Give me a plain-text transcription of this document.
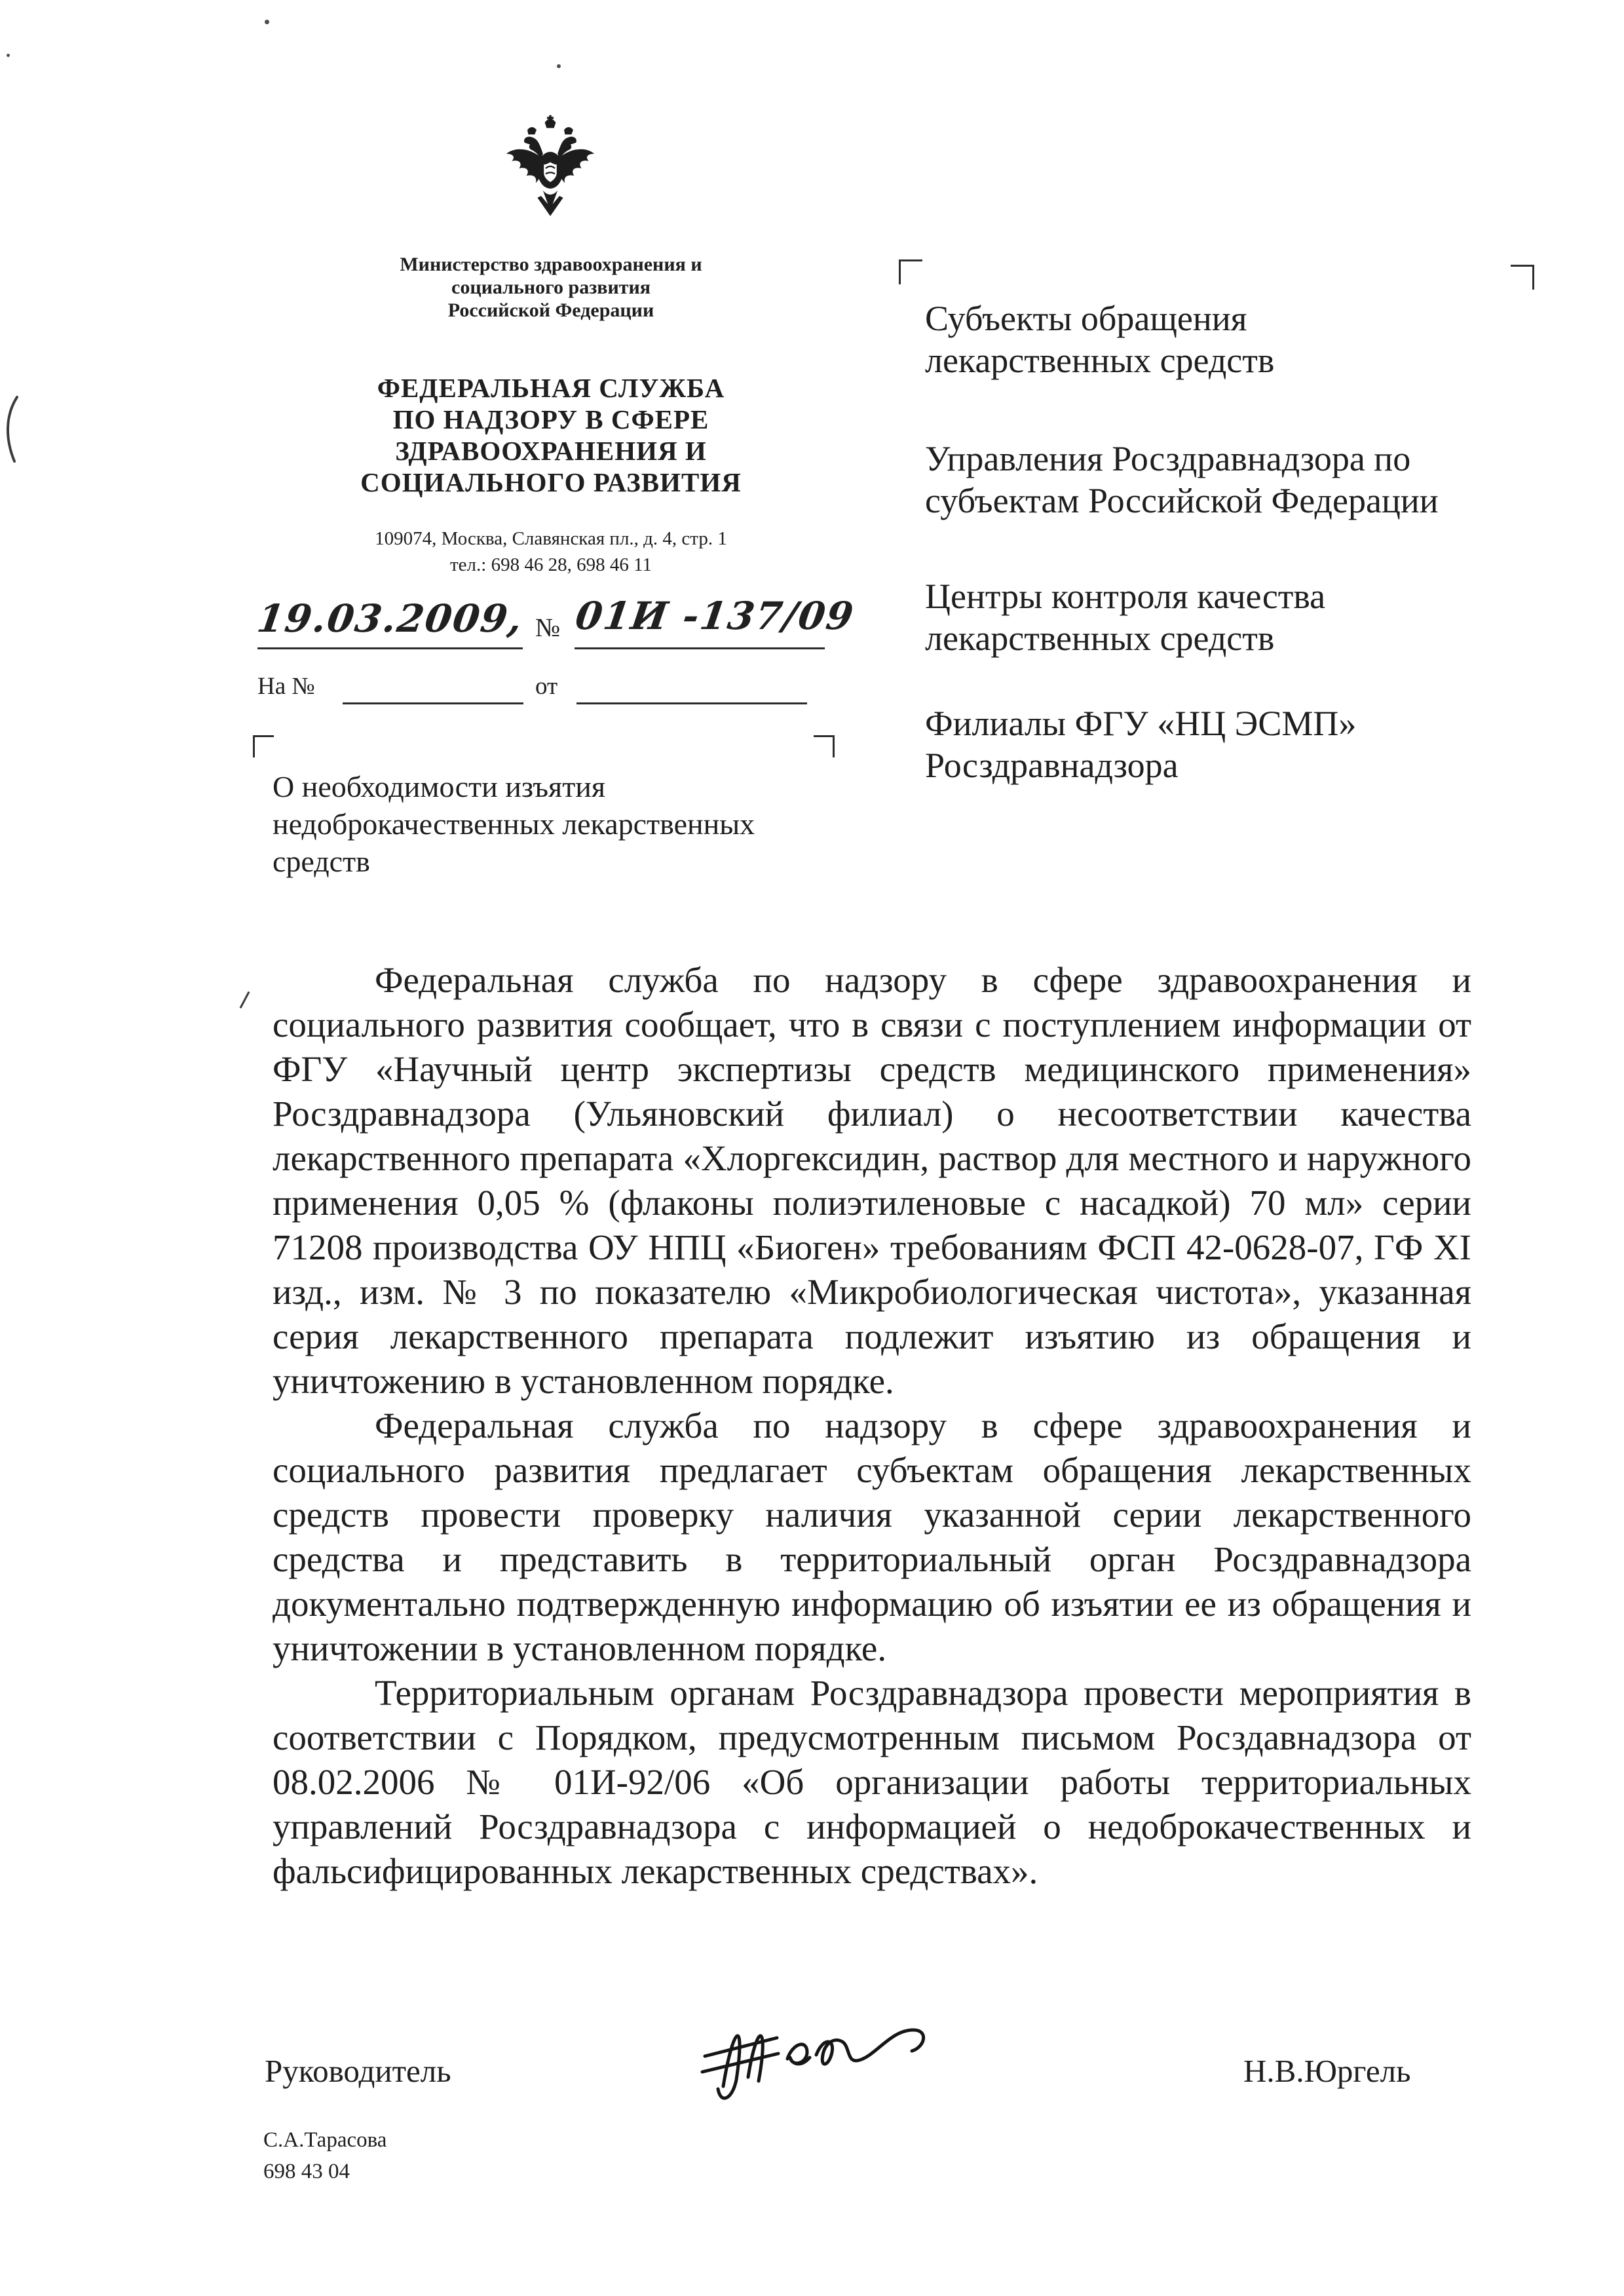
Министерство здравоохранения и
социального развития
Российской Федерации
ФЕДЕРАЛЬНАЯ СЛУЖБА
ПО НАДЗОРУ В СФЕРЕ
ЗДРАВООХРАНЕНИЯ И
СОЦИАЛЬНОГО РАЗВИТИЯ
109074, Москва, Славянская пл., д. 4, стр. 1
тел.: 698 46 28, 698 46 11
19.03.2009, № 01И -137/09
На №	от
О необходимости изъятия
недоброкачественных лекарственных
средств
Субъекты обращения
лекарственных средств
Управления Росздравнадзора по
субъектам Российской Федерации
Центры контроля качества
лекарственных средств
Филиалы ФГУ «НЦ ЭСМП»
Росздравнадзора

Федеральная служба по надзору в сфере здравоохранения и социального развития сообщает, что в связи с поступлением информации от ФГУ «Научный центр экспертизы средств медицинского применения» Росздравнадзора (Ульяновский филиал) о несоответствии качества лекарственного препарата «Хлоргексидин, раствор для местного и наружного применения 0,05 % (флаконы полиэтиленовые с насадкой) 70 мл» серии 71208 производства ОУ НПЦ «Биоген» требованиям ФСП 42-0628-07, ГФ XI изд., изм. № 3 по показателю «Микробиологическая чистота», указанная серия лекарственного препарата подлежит изъятию из обращения и уничтожению в установленном порядке.

Федеральная служба по надзору в сфере здравоохранения и социального развития предлагает субъектам обращения лекарственных средств провести проверку наличия указанной серии лекарственного средства и представить в территориальный орган Росздравнадзора документально подтвержденную информацию об изъятии ее из обращения и уничтожении в установленном порядке.

Территориальным органам Росздравнадзора провести мероприятия в соответствии с Порядком, предусмотренным письмом Росздавнадзора от 08.02.2006 № 01И-92/06 «Об организации работы территориальных управлений Росздравнадзора с информацией о недоброкачественных и фальсифицированных лекарственных средствах».

Руководитель	Н.В.Юргель
С.А.Тарасова
698 43 04
